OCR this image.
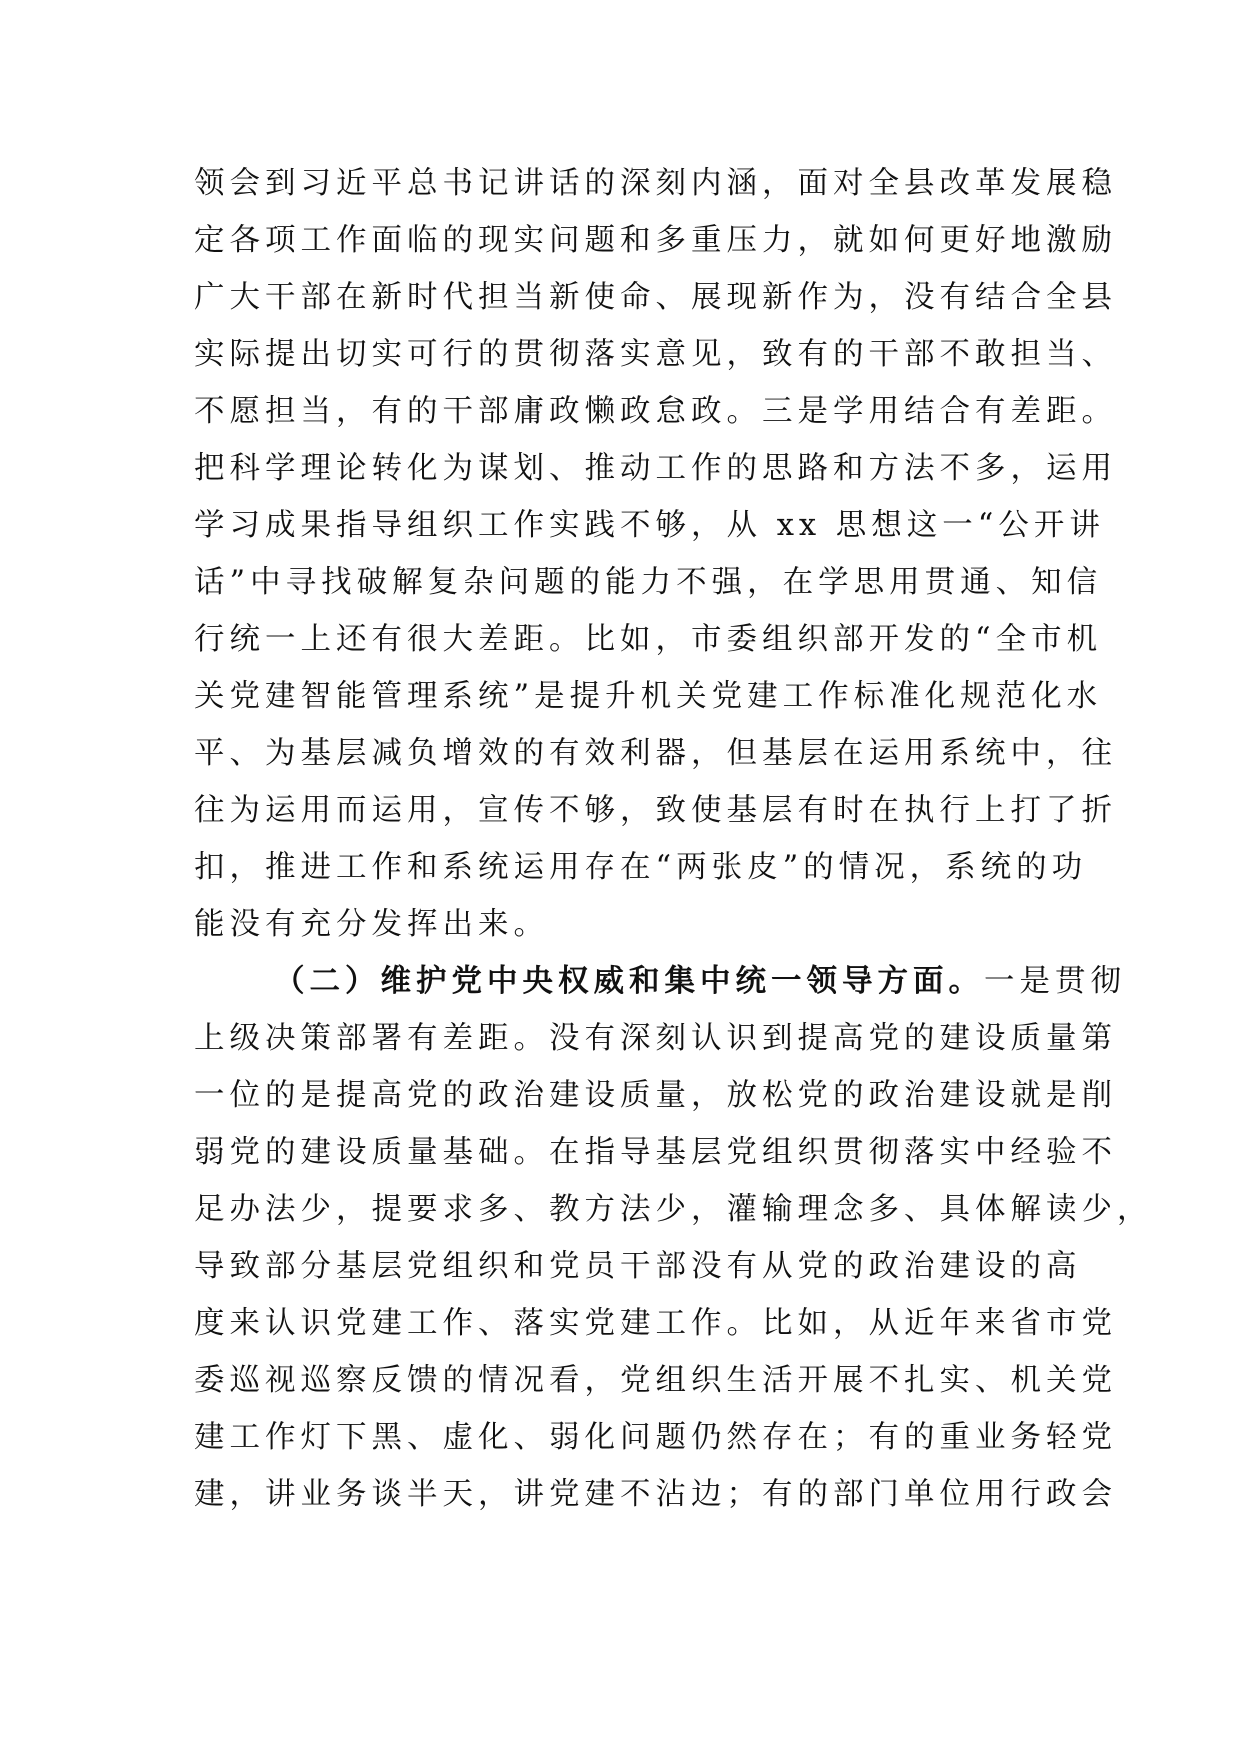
领会到习近平总书记讲话的深刻内涵，面对全县改革发展稳
定各项工作面临的现实问题和多重压力，就如何更好地激励
广大干部在新时代担当新使命、展现新作为，没有结合全县
实际提出切实可行的贯彻落实意见，致有的干部不敢担当、
不愿担当，有的干部庸政懒政怠政。三是学用结合有差距。
把科学理论转化为谋划、推动工作的思路和方法不多，运用
学习成果指导组织工作实践不够，从 xx 思想这一“公开讲
话”中寻找破解复杂问题的能力不强，在学思用贯通、知信
行统一上还有很大差距。比如，市委组织部开发的“全市机
关党建智能管理系统”是提升机关党建工作标准化规范化水
平、为基层减负增效的有效利器，但基层在运用系统中，往
往为运用而运用，宣传不够，致使基层有时在执行上打了折
扣，推进工作和系统运用存在“两张皮”的情况，系统的功
能没有充分发挥出来。
（二）维护党中央权威和集中统一领导方面。一是贯彻
上级决策部署有差距。没有深刻认识到提高党的建设质量第
一位的是提高党的政治建设质量，放松党的政治建设就是削
弱党的建设质量基础。在指导基层党组织贯彻落实中经验不
足办法少，提要求多、教方法少，灌输理念多、具体解读少，
导致部分基层党组织和党员干部没有从党的政治建设的高
度来认识党建工作、落实党建工作。比如，从近年来省市党
委巡视巡察反馈的情况看，党组织生活开展不扎实、机关党
建工作灯下黑、虚化、弱化问题仍然存在；有的重业务轻党
建，讲业务谈半天，讲党建不沾边；有的部门单位用行政会
